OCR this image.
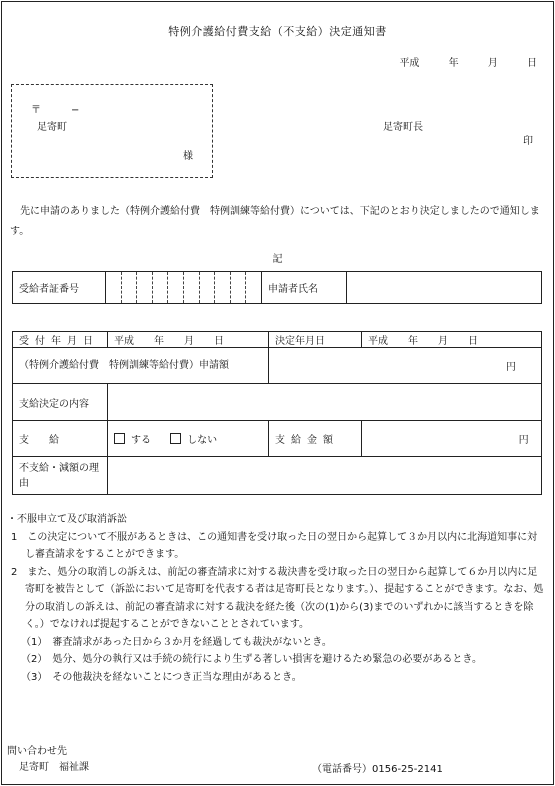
特例介護給付費支給（不支給）決定通知書
平成	年	月	日
〒　　　−
足寄町
様
足寄町長
印
先に申請のありました（特例介護給付費　特例訓練等給付費）については、下記のとおり決定しましたので通知します。
記
受給者証番号		申請者氏名	
受付年月日	平成　　年　　月　　日	決定年月日	平成　　年　　月　　日
（特例介護給付費　特例訓練等給付費）申請額		円	
支給決定の内容			
支　　給	する しない	支給金額	円
不支給・減額の理由			

・不服申立て及び取消訴訟

1　この決定について不服があるときは、この通知書を受け取った日の翌日から起算して３か月以内に北海道知事に対し審査請求をすることができます。

2　また、処分の取消しの訴えは、前記の審査請求に対する裁決書を受け取った日の翌日から起算して６か月以内に足寄町を被告として（訴訟において足寄町を代表する者は足寄町長となります。）、提起することができます。なお、処分の取消しの訴えは、前記の審査請求に対する裁決を経た後（次の(1)から(3)までのいずれかに該当するときを除く。）でなければ提起することができないこととされています。

（1）　審査請求があった日から３か月を経過しても裁決がないとき。

（2）　処分、処分の執行又は手続の続行により生ずる著しい損害を避けるため緊急の必要があるとき。

（3）　その他裁決を経ないことにつき正当な理由があるとき。

問い合わせ先
足寄町　福祉課	（電話番号）0156-25-2141
